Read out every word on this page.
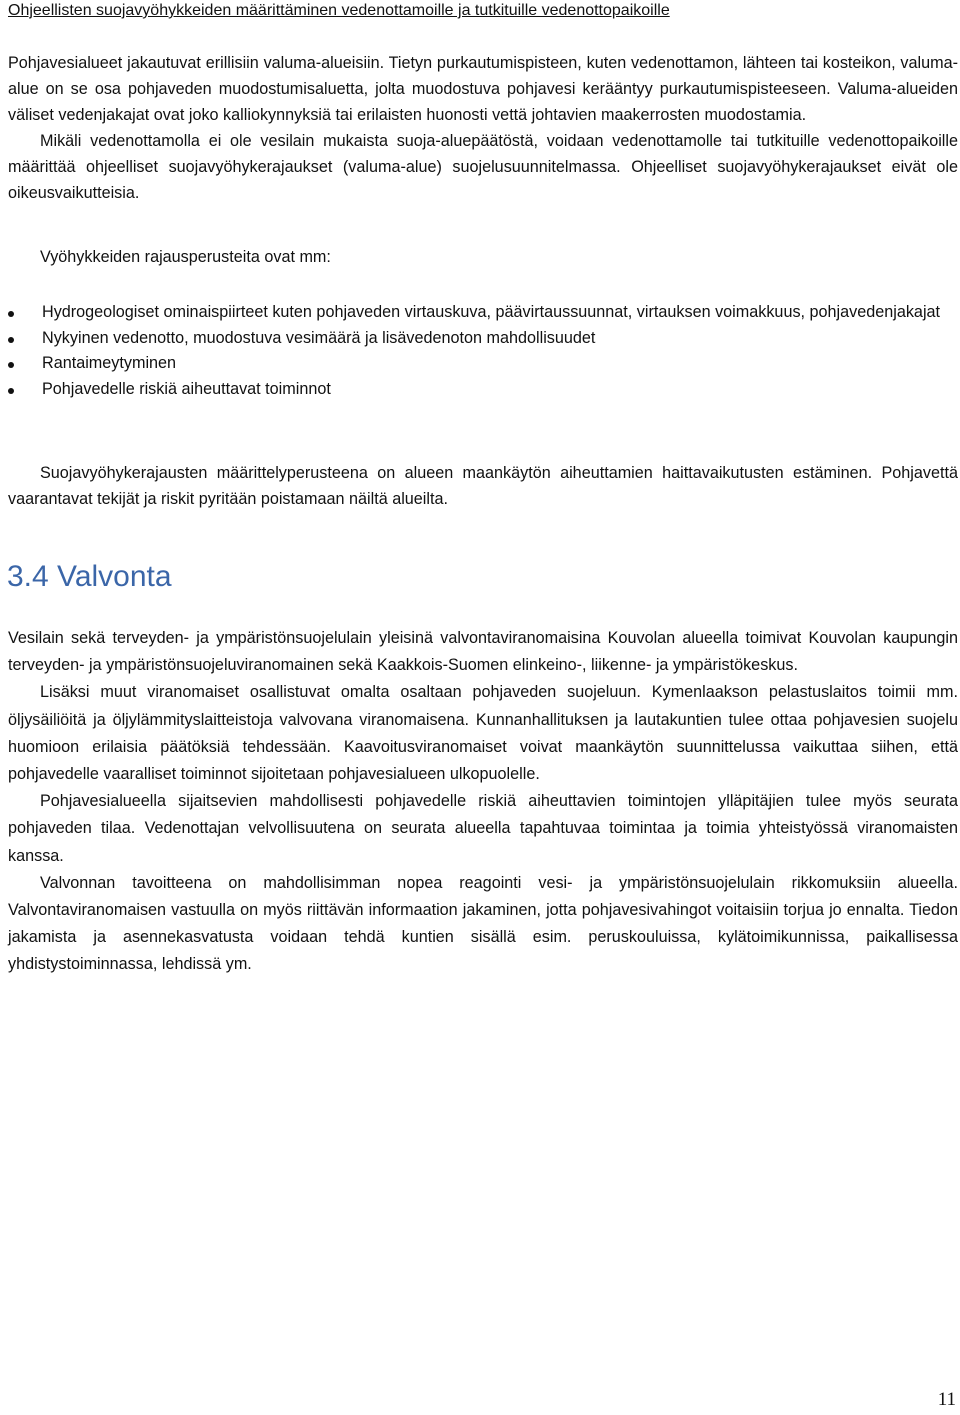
Ohjeellisten suojavyöhykkeiden määrittäminen vedenottamoille ja tutkituille vedenottopaikoille

Pohjavesialueet jakautuvat erillisiin valuma-alueisiin. Tietyn purkautumispisteen, kuten vedenottamon, lähteen tai kosteikon, valuma-alue on se osa pohjaveden muodostumisaluetta, jolta muodostuva pohjavesi kerääntyy purkautumispisteeseen. Valuma-alueiden väliset vedenjakajat ovat joko kalliokynnyksiä tai erilaisten huonosti vettä johtavien maakerrosten muodostamia.

Mikäli vedenottamolla ei ole vesilain mukaista suoja-aluepäätöstä, voidaan vedenottamolle tai tutkituille vedenottopaikoille määrittää ohjeelliset suojavyöhykerajaukset (valuma-alue) suojelusuunnitelmassa. Ohjeelliset suojavyöhykerajaukset eivät ole oikeusvaikutteisia.

Vyöhykkeiden rajausperusteita ovat mm:

Hydrogeologiset ominaispiirteet kuten pohjaveden virtauskuva, päävirtaussuunnat, virtauksen voimakkuus, pohjavedenjakajat
Nykyinen vedenotto, muodostuva vesimäärä ja lisävedenoton mahdollisuudet
Rantaimeytyminen
Pohjavedelle riskiä aiheuttavat toiminnot

Suojavyöhykerajausten määrittelyperusteena on alueen maankäytön aiheuttamien haittavaikutusten estäminen. Pohjavettä vaarantavat tekijät ja riskit pyritään poistamaan näiltä alueilta.

3.4 Valvonta

Vesilain sekä terveyden- ja ympäristönsuojelulain yleisinä valvontaviranomaisina Kouvolan alueella toimivat Kouvolan kaupungin terveyden- ja ympäristönsuojeluviranomainen sekä Kaakkois-Suomen elinkeino-, liikenne- ja ympäristökeskus.

Lisäksi muut viranomaiset osallistuvat omalta osaltaan pohjaveden suojeluun. Kymenlaakson pelastuslaitos toimii mm. öljysäiliöitä ja öljylämmityslaitteistoja valvovana viranomaisena. Kunnanhallituksen ja lautakuntien tulee ottaa pohjavesien suojelu huomioon erilaisia päätöksiä tehdessään. Kaavoitusviranomaiset voivat maankäytön suunnittelussa vaikuttaa siihen, että pohjavedelle vaaralliset toiminnot sijoitetaan pohjavesialueen ulkopuolelle.

Pohjavesialueella sijaitsevien mahdollisesti pohjavedelle riskiä aiheuttavien toimintojen ylläpitäjien tulee myös seurata pohjaveden tilaa. Vedenottajan velvollisuutena on seurata alueella tapahtuvaa toimintaa ja toimia yhteistyössä viranomaisten kanssa.

Valvonnan tavoitteena on mahdollisimman nopea reagointi vesi- ja ympäristönsuojelulain rikkomuksiin alueella. Valvontaviranomaisen vastuulla on myös riittävän informaation jakaminen, jotta pohjavesivahingot voitaisiin torjua jo ennalta. Tiedon jakamista ja asennekasvatusta voidaan tehdä kuntien sisällä esim. peruskouluissa, kylätoimikunnissa, paikallisessa yhdistystoiminnassa, lehdissä ym.

11
